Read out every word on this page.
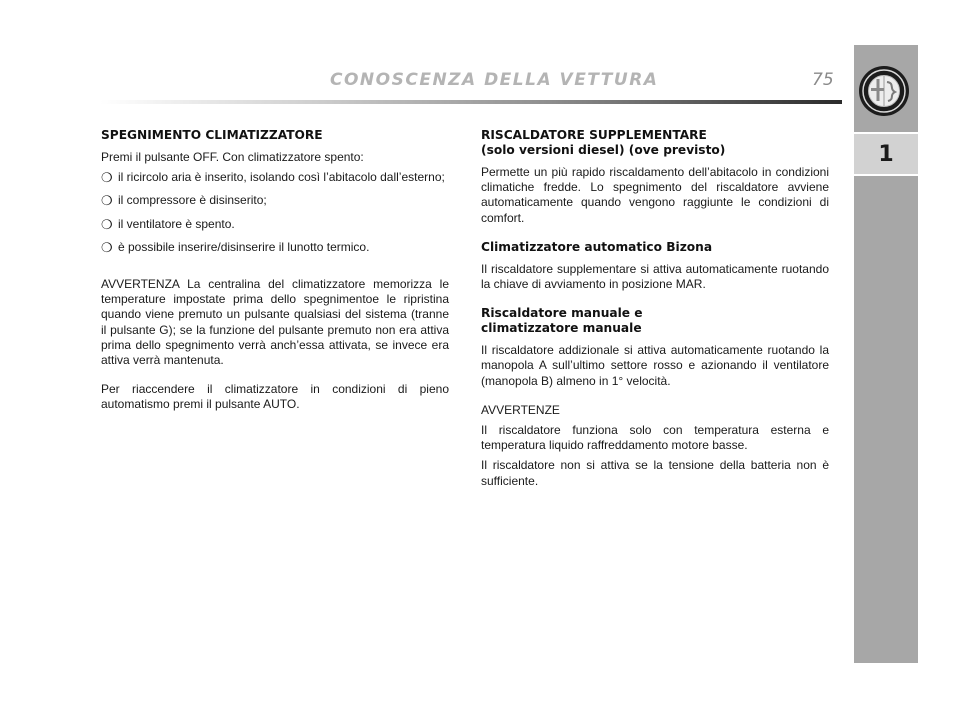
CONOSCENZA DELLA VETTURA	75
1
SPEGNIMENTO CLIMATIZZATORE

Premi il pulsante OFF. Con climatizzatore spento:

❍ il ricircolo aria è inserito, isolando così l’abitacolo dall’esterno;
❍ il compressore è disinserito;
❍ il ventilatore è spento.
❍ è possibile inserire/disinserire il lunotto termico.

AVVERTENZA La centralina del climatizzatore memorizza le temperature impostate prima dello spegnimentoe le ripristina quando viene premuto un pulsante qualsiasi del sistema (tranne il pulsante G); se la funzione del pulsante premuto non era attiva prima dello spegnimento verrà anch’essa attivata, se invece era attiva verrà mantenuta.

Per riaccendere il climatizzatore in condizioni di pieno automatismo premi il pulsante AUTO.

RISCALDATORE SUPPLEMENTARE
(solo versioni diesel) (ove previsto)

Permette un più rapido riscaldamento dell’abitacolo in condizioni climatiche fredde. Lo spegnimento del riscaldatore avviene automaticamente quando vengono raggiunte le condizioni di comfort.

Climatizzatore automatico Bizona

Il riscaldatore supplementare si attiva automaticamente ruotando la chiave di avviamento in posizione MAR.

Riscaldatore manuale e
climatizzatore manuale

Il riscaldatore addizionale si attiva automaticamente ruotando la manopola A sull’ultimo settore rosso e azionando il ventilatore (manopola B) almeno in 1° velocità.

AVVERTENZE

Il riscaldatore funziona solo con temperatura esterna e temperatura liquido raffreddamento motore basse.

Il riscaldatore non si attiva se la tensione della batteria non è sufficiente.
